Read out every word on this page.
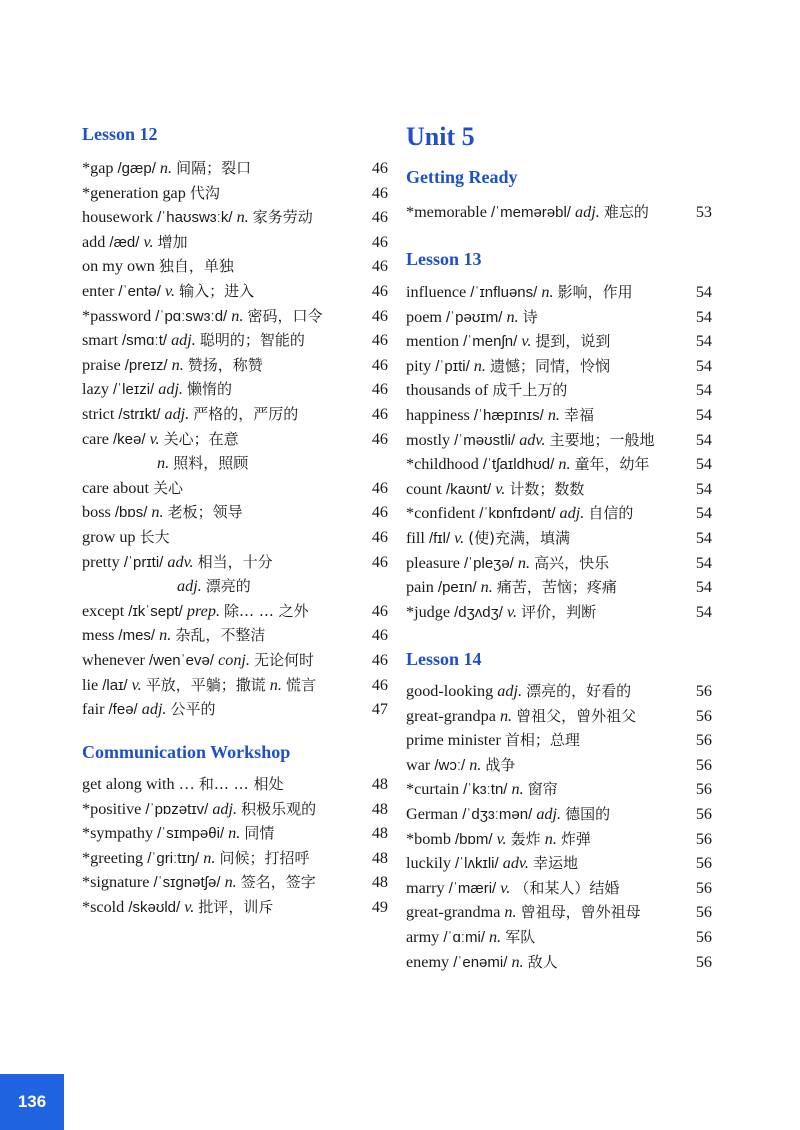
Lesson 12
Communication Workshop
46
*gap /gæp/ n. 间隔；裂口
46
*generation gap 代沟
46
housework /ˈhaʊswɜːk/ n. 家务劳动
46
add /æd/ v. 增加
46
on my own 独自，单独
46
enter /ˈentə/ v. 输入；进入
46
*password /ˈpɑːswɜːd/ n. 密码，口令
46
smart /smɑːt/ adj. 聪明的；智能的
46
praise /preɪz/ n. 赞扬，称赞
46
lazy /ˈleɪzi/ adj. 懒惰的
46
strict /strɪkt/ adj. 严格的，严厉的
46
care /keə/ v. 关心；在意
n. 照料，照顾
46
care about 关心
46
boss /bɒs/ n. 老板；领导
46
grow up 长大
46
pretty /ˈprɪti/ adv. 相当，十分
adj. 漂亮的
46
except /ɪkˈsept/ prep. 除… … 之外
46
mess /mes/ n. 杂乱，不整洁
46
whenever /wenˈevə/ conj. 无论何时
46
lie /laɪ/ v. 平放，平躺；撒谎 n. 慌言
47
fair /feə/ adj. 公平的
48
get along with … 和… … 相处
48
*positive /ˈpɒzətɪv/ adj. 积极乐观的
48
*sympathy /ˈsɪmpəθi/ n. 同情
48
*greeting /ˈɡriːtɪŋ/ n. 问候；打招呼
48
*signature /ˈsɪɡnətʃə/ n. 签名，签字
49
*scold /skəʊld/ v. 批评，训斥
Unit 5
Getting Ready
Lesson 13
Lesson 14
53
*memorable /ˈmemərəbl/ adj. 难忘的
54
influence /ˈɪnfluəns/ n. 影响，作用
54
poem /ˈpəʊɪm/ n. 诗
54
mention /ˈmenʃn/ v. 提到，说到
54
pity /ˈpɪti/ n. 遗憾；同情，怜悯
54
thousands of 成千上万的
54
happiness /ˈhæpɪnɪs/ n. 幸福
54
mostly /ˈməʊstli/ adv. 主要地；一般地
54
*childhood /ˈtʃaɪldhʊd/ n. 童年，幼年
54
count /kaʊnt/ v. 计数；数数
54
*confident /ˈkɒnfɪdənt/ adj. 自信的
54
fill /fɪl/ v. (使)充满，填满
54
pleasure /ˈpleʒə/ n. 高兴，快乐
54
pain /peɪn/ n. 痛苦，苦恼；疼痛
54
*judge /dʒʌdʒ/ v. 评价，判断
56
good-looking adj. 漂亮的，好看的
56
great-grandpa n. 曾祖父，曾外祖父
56
prime minister 首相；总理
56
war /wɔː/ n. 战争
56
*curtain /ˈkɜːtn/ n. 窗帘
56
German /ˈdʒɜːmən/ adj. 德国的
56
*bomb /bɒm/ v. 轰炸 n. 炸弹
56
luckily /ˈlʌkɪli/ adv. 幸运地
56
marry /ˈmæri/ v. （和某人）结婚
56
great-grandma n. 曾祖母，曾外祖母
56
army /ˈɑːmi/ n. 军队
56
enemy /ˈenəmi/ n. 敌人
136
